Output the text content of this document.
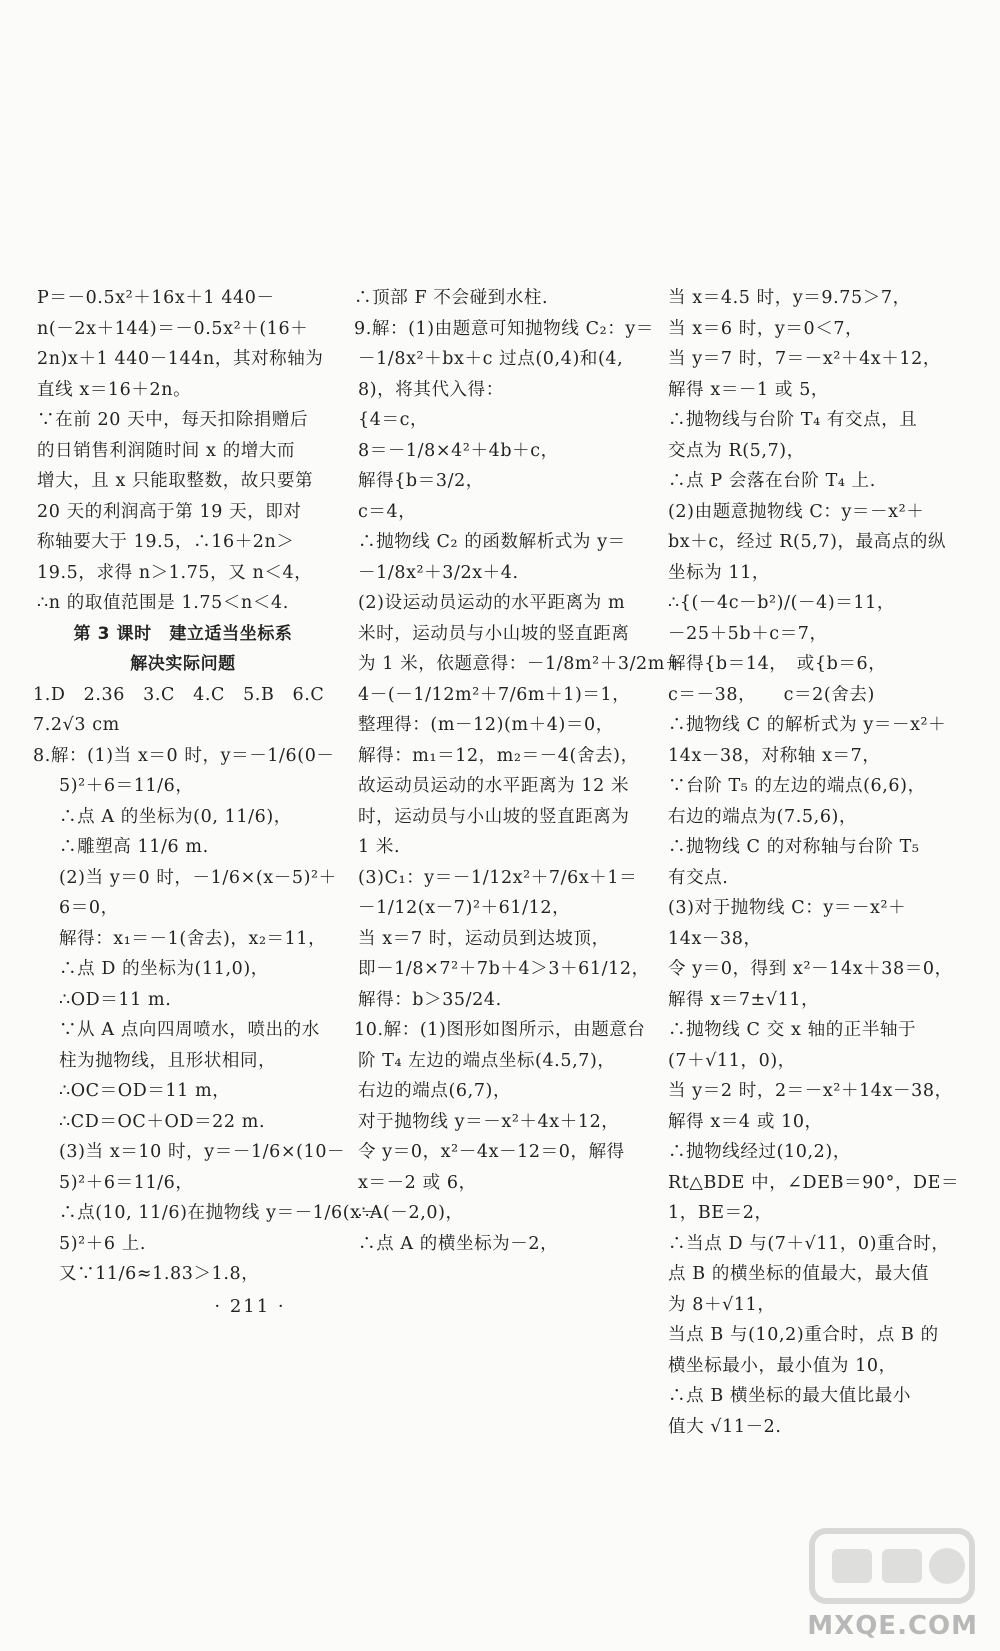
P＝－0.5x²＋16x＋1 440－
n(－2x＋144)＝－0.5x²＋(16＋
2n)x＋1 440－144n，其对称轴为
直线 x＝16＋2n。
∵在前 20 天中，每天扣除捐赠后
的日销售利润随时间 x 的增大而
增大，且 x 只能取整数，故只要第
20 天的利润高于第 19 天，即对
称轴要大于 19.5，∴16＋2n＞
19.5，求得 n＞1.75，又 n＜4，
∴n 的取值范围是 1.75＜n＜4.
第 3 课时　建立适当坐标系
解决实际问题
1.D　2.36　3.C　4.C　5.B　6.C
7.2√3 cm
8.解：(1)当 x＝0 时，y＝－1/6(0－
5)²＋6＝11/6，
∴点 A 的坐标为(0, 11/6)，
∴雕塑高 11/6 m.
(2)当 y＝0 时，－1/6×(x－5)²＋
6＝0，
解得：x₁＝－1(舍去)，x₂＝11，
∴点 D 的坐标为(11,0)，
∴OD＝11 m.
∵从 A 点向四周喷水，喷出的水
柱为抛物线，且形状相同，
∴OC＝OD＝11 m，
∴CD＝OC＋OD＝22 m.
(3)当 x＝10 时，y＝－1/6×(10－
5)²＋6＝11/6，
∴点(10, 11/6)在抛物线 y＝－1/6(x－
5)²＋6 上.
又∵11/6≈1.83＞1.8，
∴顶部 F 不会碰到水柱.
9.解：(1)由题意可知抛物线 C₂：y＝
－1/8x²＋bx＋c 过点(0,4)和(4,
8)，将其代入得：
{4＝c，
8＝－1/8×4²＋4b＋c，
解得{b＝3/2，
c＝4，
∴抛物线 C₂ 的函数解析式为 y＝
－1/8x²＋3/2x＋4.
(2)设运动员运动的水平距离为 m
米时，运动员与小山坡的竖直距离
为 1 米，依题意得：－1/8m²＋3/2m＋
4－(－1/12m²＋7/6m＋1)＝1，
整理得：(m－12)(m＋4)＝0，
解得：m₁＝12，m₂＝－4(舍去)，
故运动员运动的水平距离为 12 米
时，运动员与小山坡的竖直距离为
1 米.
(3)C₁：y＝－1/12x²＋7/6x＋1＝
－1/12(x－7)²＋61/12，
当 x＝7 时，运动员到达坡顶，
即－1/8×7²＋7b＋4＞3＋61/12，
解得：b＞35/24.
10.解：(1)图形如图所示，由题意台
阶 T₄ 左边的端点坐标(4.5,7)，
右边的端点(6,7)，
对于抛物线 y＝－x²＋4x＋12，
令 y＝0，x²－4x－12＝0，解得
x＝－2 或 6，
∴A(－2,0)，
∴点 A 的横坐标为－2，
当 x＝4.5 时，y＝9.75＞7，
当 x＝6 时，y＝0＜7，
当 y＝7 时，7＝－x²＋4x＋12，
解得 x＝－1 或 5，
∴抛物线与台阶 T₄ 有交点，且
交点为 R(5,7)，
∴点 P 会落在台阶 T₄ 上.
(2)由题意抛物线 C：y＝－x²＋
bx＋c，经过 R(5,7)，最高点的纵
坐标为 11，
∴{(－4c－b²)/(－4)＝11，
－25＋5b＋c＝7，
解得{b＝14，　或{b＝6，
c＝－38，　　c＝2(舍去)
∴抛物线 C 的解析式为 y＝－x²＋
14x－38，对称轴 x＝7，
∵台阶 T₅ 的左边的端点(6,6)，
右边的端点为(7.5,6)，
∴抛物线 C 的对称轴与台阶 T₅
有交点.
(3)对于抛物线 C：y＝－x²＋
14x－38，
令 y＝0，得到 x²－14x＋38＝0，
解得 x＝7±√11，
∴抛物线 C 交 x 轴的正半轴于
(7＋√11，0)，
当 y＝2 时，2＝－x²＋14x－38，
解得 x＝4 或 10，
∴抛物线经过(10,2)，
Rt△BDE 中，∠DEB＝90°，DE＝
1，BE＝2，
∴当点 D 与(7＋√11，0)重合时，
点 B 的横坐标的值最大，最大值
为 8＋√11，
当点 B 与(10,2)重合时，点 B 的
横坐标最小，最小值为 10，
∴点 B 横坐标的最大值比最小
值大 √11－2.
· 211 ·
MXQE.COM
